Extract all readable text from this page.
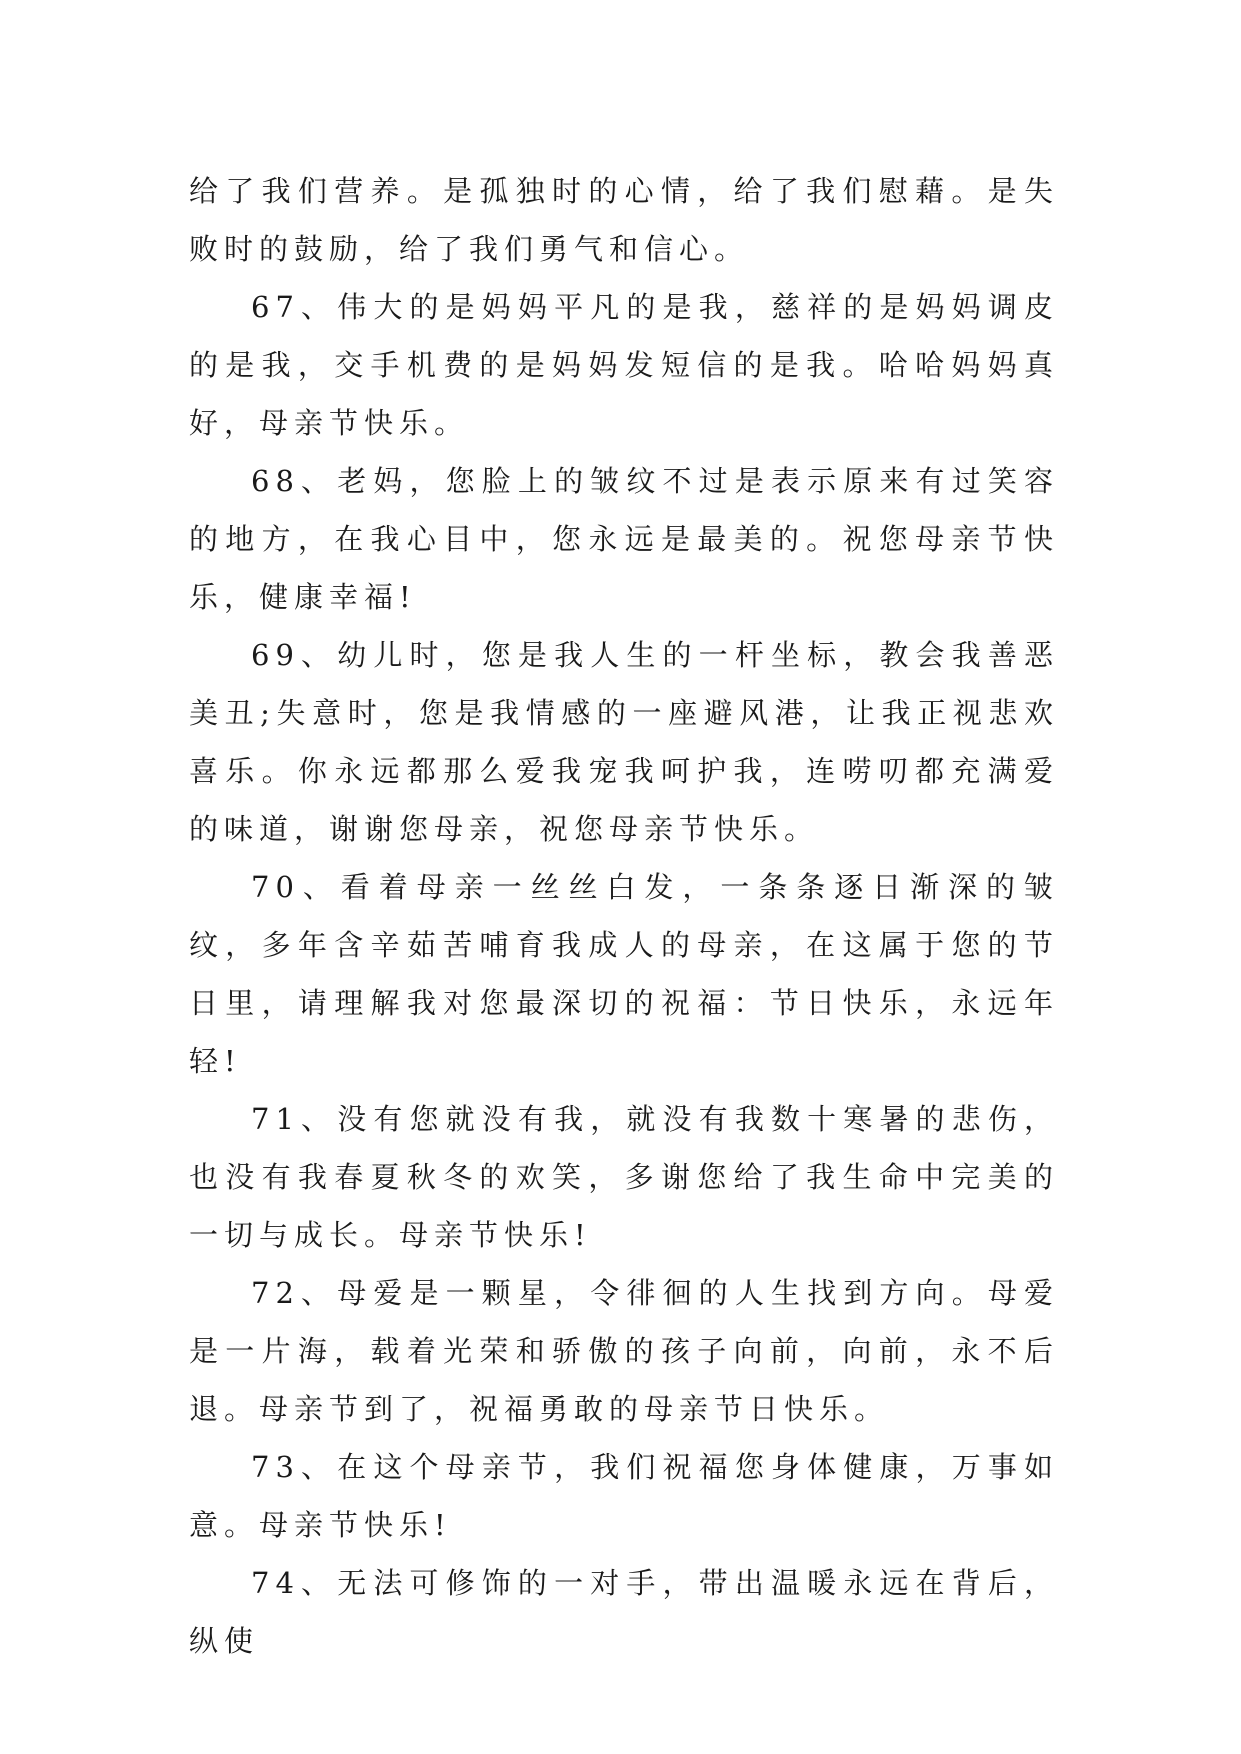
给了我们营养。是孤独时的心情，给了我们慰藉。是失败时的鼓励，给了我们勇气和信心。

67、伟大的是妈妈平凡的是我，慈祥的是妈妈调皮的是我，交手机费的是妈妈发短信的是我。哈哈妈妈真好，母亲节快乐。

68、老妈，您脸上的皱纹不过是表示原来有过笑容的地方，在我心目中，您永远是最美的。祝您母亲节快乐，健康幸福!

69、幼儿时，您是我人生的一杆坐标，教会我善恶美丑;失意时，您是我情感的一座避风港，让我正视悲欢喜乐。你永远都那么爱我宠我呵护我，连唠叨都充满爱的味道，谢谢您母亲，祝您母亲节快乐。

70、看着母亲一丝丝白发，一条条逐日渐深的皱纹，多年含辛茹苦哺育我成人的母亲，在这属于您的节日里，请理解我对您最深切的祝福：节日快乐，永远年轻!

71、没有您就没有我，就没有我数十寒暑的悲伤，也没有我春夏秋冬的欢笑，多谢您给了我生命中完美的一切与成长。母亲节快乐!

72、母爱是一颗星，令徘徊的人生找到方向。母爱是一片海，载着光荣和骄傲的孩子向前，向前，永不后退。母亲节到了，祝福勇敢的母亲节日快乐。

73、在这个母亲节，我们祝福您身体健康，万事如意。母亲节快乐!

74、无法可修饰的一对手，带出温暖永远在背后，纵使
